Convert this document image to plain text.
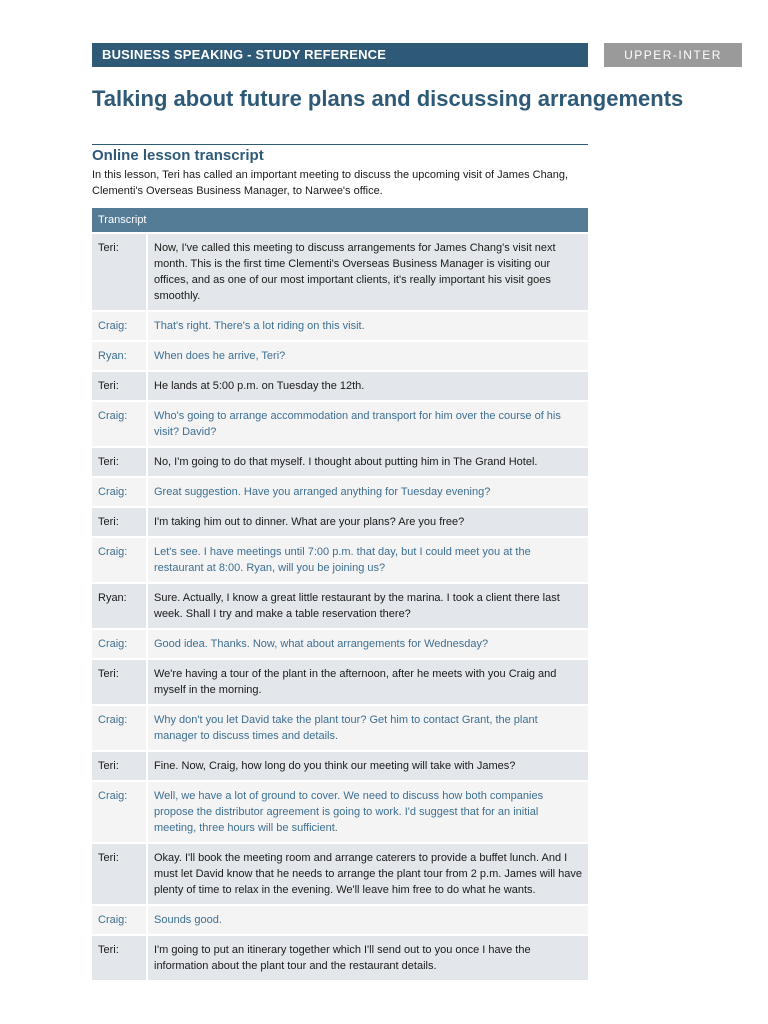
BUSINESS SPEAKING - STUDY REFERENCE	UPPER-INTER
Talking about future plans and discussing arrangements
Online lesson transcript

In this lesson, Teri has called an important meeting to discuss the upcoming visit of James Chang, Clementi's Overseas Business Manager, to Narwee's office.

Transcript	
Teri:	Now, I've called this meeting to discuss arrangements for James Chang's visit next month. This is the first time Clementi's Overseas Business Manager is visiting our offices, and as one of our most important clients, it's really important his visit goes smoothly.
Craig:	That's right. There's a lot riding on this visit.
Ryan:	When does he arrive, Teri?
Teri:	He lands at 5:00 p.m. on Tuesday the 12th.
Craig:	Who's going to arrange accommodation and transport for him over the course of his visit? David?
Teri:	No, I'm going to do that myself. I thought about putting him in The Grand Hotel.
Craig:	Great suggestion. Have you arranged anything for Tuesday evening?
Teri:	I'm taking him out to dinner. What are your plans? Are you free?
Craig:	Let's see. I have meetings until 7:00 p.m. that day, but I could meet you at the restaurant at 8:00. Ryan, will you be joining us?
Ryan:	Sure. Actually, I know a great little restaurant by the marina. I took a client there last week. Shall I try and make a table reservation there?
Craig:	Good idea. Thanks. Now, what about arrangements for Wednesday?
Teri:	We're having a tour of the plant in the afternoon, after he meets with you Craig and myself in the morning.
Craig:	Why don't you let David take the plant tour? Get him to contact Grant, the plant manager to discuss times and details.
Teri:	Fine. Now, Craig, how long do you think our meeting will take with James?
Craig:	Well, we have a lot of ground to cover. We need to discuss how both companies propose the distributor agreement is going to work. I'd suggest that for an initial meeting, three hours will be sufficient.
Teri:	Okay. I'll book the meeting room and arrange caterers to provide a buffet lunch. And I must let David know that he needs to arrange the plant tour from 2 p.m. James will have plenty of time to relax in the evening. We'll leave him free to do what he wants.
Craig:	Sounds good.
Teri:	I'm going to put an itinerary together which I'll send out to you once I have the information about the plant tour and the restaurant details.
